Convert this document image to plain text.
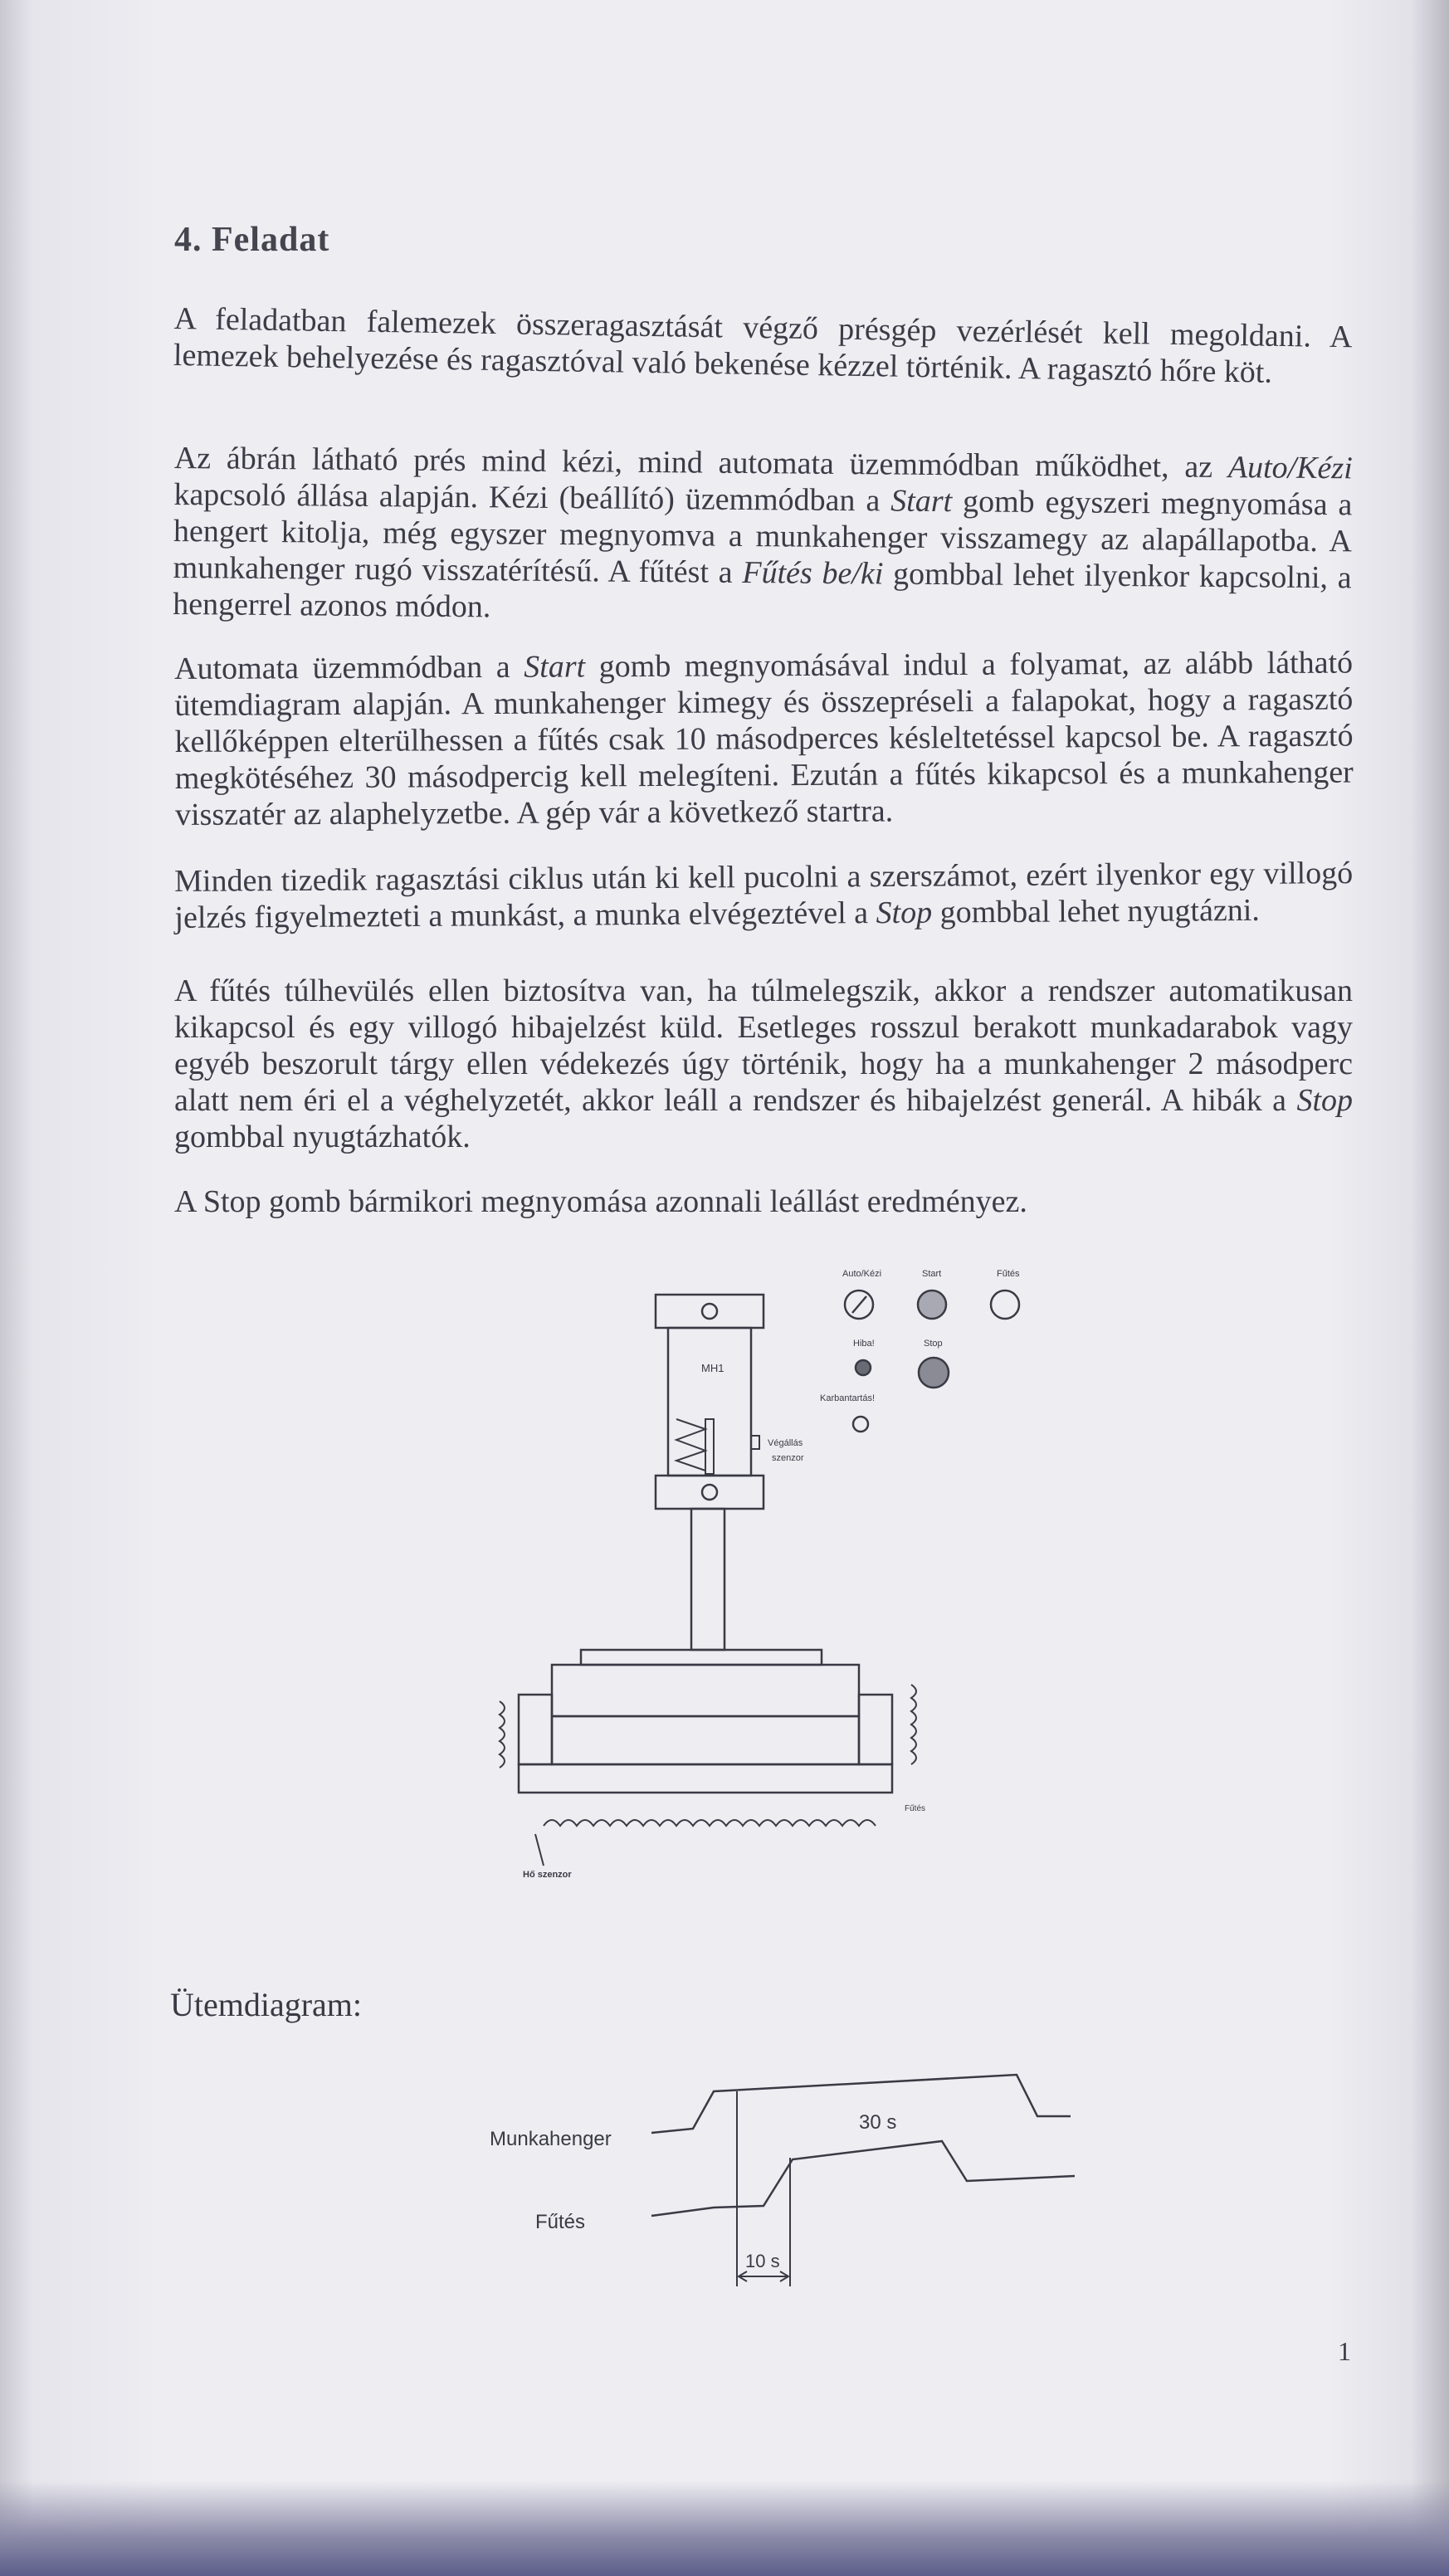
4. Feladat

A feladatban falemezek összeragasztását végző présgép vezérlését kell megoldani. A lemezek behelyezése és ragasztóval való bekenése kézzel történik. A ragasztó hőre köt.

Az ábrán látható prés mind kézi, mind automata üzemmódban működhet, az Auto/Kézi kapcsoló állása alapján. Kézi (beállító) üzemmódban a Start gomb egyszeri megnyomása a hengert kitolja, még egyszer megnyomva a munkahenger visszamegy az alapállapotba. A munkahenger rugó visszatérítésű. A fűtést a Fűtés be/ki gombbal lehet ilyenkor kapcsolni, a hengerrel azonos módon.

Automata üzemmódban a Start gomb megnyomásával indul a folyamat, az alább látható ütemdiagram alapján. A munkahenger kimegy és összepréseli a falapokat, hogy a ragasztó kellőképpen elterülhessen a fűtés csak 10 másodperces késleltetéssel kapcsol be. A ragasztó megkötéséhez 30 másodpercig kell melegíteni. Ezután a fűtés kikapcsol és a munkahenger visszatér az alaphelyzetbe. A gép vár a következő startra.

Minden tizedik ragasztási ciklus után ki kell pucolni a szerszámot, ezért ilyenkor egy villogó jelzés figyelmezteti a munkást, a munka elvégeztével a Stop gombbal lehet nyugtázni.

A fűtés túlhevülés ellen biztosítva van, ha túlmelegszik, akkor a rendszer automatikusan kikapcsol és egy villogó hibajelzést küld. Esetleges rosszul berakott munkadarabok vagy egyéb beszorult tárgy ellen védekezés úgy történik, hogy ha a munkahenger 2 másodperc alatt nem éri el a véghelyzetét, akkor leáll a rendszer és hibajelzést generál. A hibák a Stop gombbal nyugtázhatók.

A Stop gomb bármikori megnyomása azonnali leállást eredményez.

MH1
Végállás
szenzor
Fűtés
Hő szenzor
Auto/Kézi	Start	Fűtés
Hiba!	Stop
Karbantartás!
Ütemdiagram:
Munkahenger
Fűtés
10 s
30 s
1
